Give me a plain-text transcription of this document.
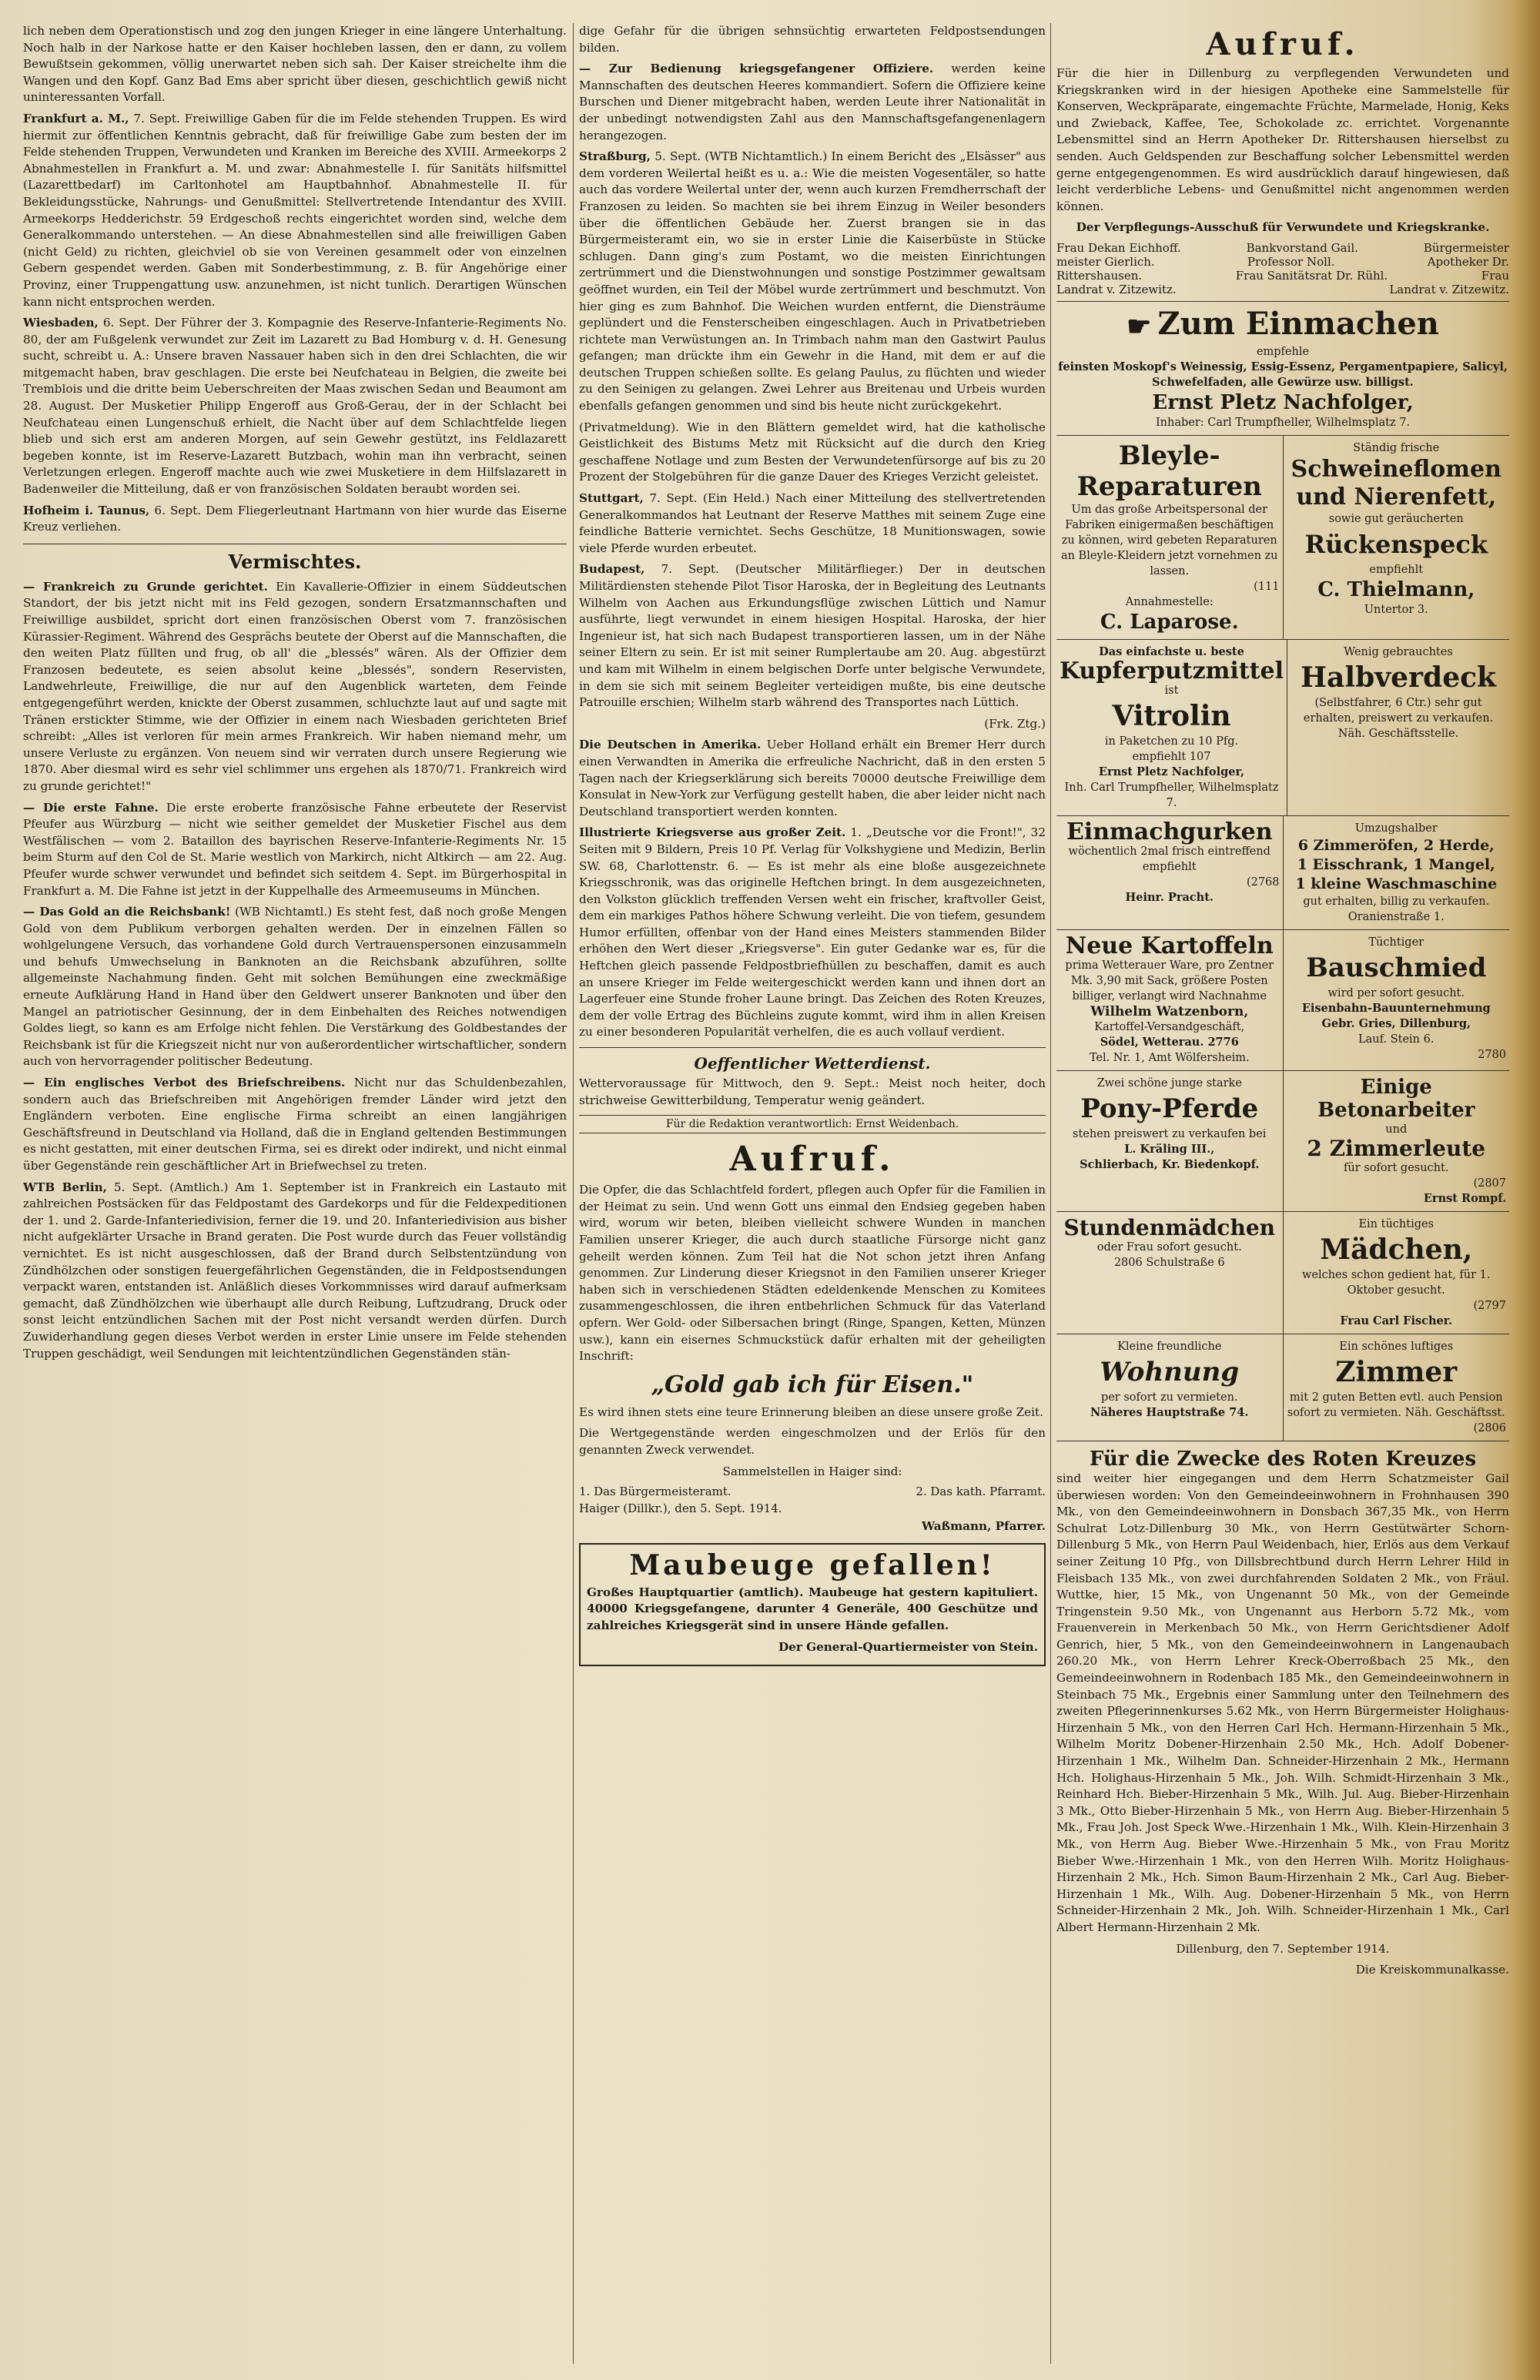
lich neben dem Operationstisch und zog den jungen Krieger in eine längere Unterhaltung. Noch halb in der Narkose hatte er den Kaiser hochleben lassen, den er dann, zu vollem Bewußtsein gekommen, völlig unerwartet neben sich sah. Der Kaiser streichelte ihm die Wangen und den Kopf. Ganz Bad Ems aber spricht über diesen, geschichtlich gewiß nicht uninteressanten Vorfall.

Frankfurt a. M., 7. Sept. Freiwillige Gaben für die im Felde stehenden Truppen. Es wird hiermit zur öffentlichen Kenntnis gebracht, daß für freiwillige Gabe zum besten der im Felde stehenden Truppen, Verwundeten und Kranken im Bereiche des XVIII. Armeekorps 2 Abnahmestellen in Frankfurt a. M. und zwar: Abnahmestelle I. für Sanitäts hilfsmittel (Lazarettbedarf) im Carltonhotel am Hauptbahnhof. Abnahmestelle II. für Bekleidungsstücke, Nahrungs- und Genußmittel: Stellvertretende Intendantur des XVIII. Armeekorps Hedderichstr. 59 Erdgeschoß rechts eingerichtet worden sind, welche dem Generalkommando unterstehen. — An diese Abnahmestellen sind alle freiwilligen Gaben (nicht Geld) zu richten, gleichviel ob sie von Vereinen gesammelt oder von einzelnen Gebern gespendet werden. Gaben mit Sonderbestimmung, z. B. für Angehörige einer Provinz, einer Truppengattung usw. anzunehmen, ist nicht tunlich. Derartigen Wünschen kann nicht entsprochen werden.

Wiesbaden, 6. Sept. Der Führer der 3. Kompagnie des Reserve-Infanterie-Regiments No. 80, der am Fußgelenk verwundet zur Zeit im Lazarett zu Bad Homburg v. d. H. Genesung sucht, schreibt u. A.: Unsere braven Nassauer haben sich in den drei Schlachten, die wir mitgemacht haben, brav geschlagen. Die erste bei Neufchateau in Belgien, die zweite bei Tremblois und die dritte beim Ueberschreiten der Maas zwischen Sedan und Beaumont am 28. August. Der Musketier Philipp Engeroff aus Groß-Gerau, der in der Schlacht bei Neufchateau einen Lungenschuß erhielt, die Nacht über auf dem Schlachtfelde liegen blieb und sich erst am anderen Morgen, auf sein Gewehr gestützt, ins Feldlazarett begeben konnte, ist im Reserve-Lazarett Butzbach, wohin man ihn verbracht, seinen Verletzungen erlegen. Engeroff machte auch wie zwei Musketiere in dem Hilfslazarett in Badenweiler die Mitteilung, daß er von französischen Soldaten beraubt worden sei.

Hofheim i. Taunus, 6. Sept. Dem Fliegerleutnant Hartmann von hier wurde das Eiserne Kreuz verliehen.

Vermischtes.

— Frankreich zu Grunde gerichtet. Ein Kavallerie-Offizier in einem Süddeutschen Standort, der bis jetzt nicht mit ins Feld gezogen, sondern Ersatzmannschaften und Freiwillige ausbildet, spricht dort einen französischen Oberst vom 7. französischen Kürassier-Regiment. Während des Gesprächs beutete der Oberst auf die Mannschaften, die den weiten Platz füllten und frug, ob all' die „blessés" wären. Als der Offizier dem Franzosen bedeutete, es seien absolut keine „blessés", sondern Reservisten, Landwehrleute, Freiwillige, die nur auf den Augenblick warteten, dem Feinde entgegengeführt werden, knickte der Oberst zusammen, schluchzte laut auf und sagte mit Tränen erstickter Stimme, wie der Offizier in einem nach Wiesbaden gerichteten Brief schreibt: „Alles ist verloren für mein armes Frankreich. Wir haben niemand mehr, um unsere Verluste zu ergänzen. Von neuem sind wir verraten durch unsere Regierung wie 1870. Aber diesmal wird es sehr viel schlimmer uns ergehen als 1870/71. Frankreich wird zu grunde gerichtet!"

— Die erste Fahne. Die erste eroberte französische Fahne erbeutete der Reservist Pfeufer aus Würzburg — nicht wie seither gemeldet der Musketier Fischel aus dem Westfälischen — vom 2. Bataillon des bayrischen Reserve-Infanterie-Regiments Nr. 15 beim Sturm auf den Col de St. Marie westlich von Markirch, nicht Altkirch — am 22. Aug. Pfeufer wurde schwer verwundet und befindet sich seitdem 4. Sept. im Bürgerhospital in Frankfurt a. M. Die Fahne ist jetzt in der Kuppelhalle des Armeemuseums in München.

— Das Gold an die Reichsbank! (WB Nichtamtl.) Es steht fest, daß noch große Mengen Gold von dem Publikum verborgen gehalten werden. Der in einzelnen Fällen so wohlgelungene Versuch, das vorhandene Gold durch Vertrauenspersonen einzusammeln und behufs Umwechselung in Banknoten an die Reichsbank abzuführen, sollte allgemeinste Nachahmung finden. Geht mit solchen Bemühungen eine zweckmäßige erneute Aufklärung Hand in Hand über den Geldwert unserer Banknoten und über den Mangel an patriotischer Gesinnung, der in dem Einbehalten des Reiches notwendigen Goldes liegt, so kann es am Erfolge nicht fehlen. Die Verstärkung des Goldbestandes der Reichsbank ist für die Kriegszeit nicht nur von außerordentlicher wirtschaftlicher, sondern auch von hervorragender politischer Bedeutung.

— Ein englisches Verbot des Briefschreibens. Nicht nur das Schuldenbezahlen, sondern auch das Briefschreiben mit Angehörigen fremder Länder wird jetzt den Engländern verboten. Eine englische Firma schreibt an einen langjährigen Geschäftsfreund in Deutschland via Holland, daß die in England geltenden Bestimmungen es nicht gestatten, mit einer deutschen Firma, sei es direkt oder indirekt, und nicht einmal über Gegenstände rein geschäftlicher Art in Briefwechsel zu treten.

WTB Berlin, 5. Sept. (Amtlich.) Am 1. September ist in Frankreich ein Lastauto mit zahlreichen Postsäcken für das Feldpostamt des Gardekorps und für die Feldexpeditionen der 1. und 2. Garde-Infanteriedivision, ferner die 19. und 20. Infanteriedivision aus bisher nicht aufgeklärter Ursache in Brand geraten. Die Post wurde durch das Feuer vollständig vernichtet. Es ist nicht ausgeschlossen, daß der Brand durch Selbstentzündung von Zündhölzchen oder sonstigen feuergefährlichen Gegenständen, die in Feldpostsendungen verpackt waren, entstanden ist. Anläßlich dieses Vorkommnisses wird darauf aufmerksam gemacht, daß Zündhölzchen wie überhaupt alle durch Reibung, Luftzudrang, Druck oder sonst leicht entzündlichen Sachen mit der Post nicht versandt werden dürfen. Durch Zuwiderhandlung gegen dieses Verbot werden in erster Linie unsere im Felde stehenden Truppen geschädigt, weil Sendungen mit leichtentzündlichen Gegenständen stän-

dige Gefahr für die übrigen sehnsüchtig erwarteten Feldpostsendungen bilden.

— Zur Bedienung kriegsgefangener Offiziere. werden keine Mannschaften des deutschen Heeres kommandiert. Sofern die Offiziere keine Burschen und Diener mitgebracht haben, werden Leute ihrer Nationalität in der unbedingt notwendigsten Zahl aus den Mannschaftsgefangenenlagern herangezogen.

Straßburg, 5. Sept. (WTB Nichtamtlich.) In einem Bericht des „Elsässer" aus dem vorderen Weilertal heißt es u. a.: Wie die meisten Vogesentäler, so hatte auch das vordere Weilertal unter der, wenn auch kurzen Fremdherrschaft der Franzosen zu leiden. So machten sie bei ihrem Einzug in Weiler besonders über die öffentlichen Gebäude her. Zuerst brangen sie in das Bürgermeisteramt ein, wo sie in erster Linie die Kaiserbüste in Stücke schlugen. Dann ging's zum Postamt, wo die meisten Einrichtungen zertrümmert und die Dienstwohnungen und sonstige Postzimmer gewaltsam geöffnet wurden, ein Teil der Möbel wurde zertrümmert und beschmutzt. Von hier ging es zum Bahnhof. Die Weichen wurden entfernt, die Diensträume geplündert und die Fensterscheiben eingeschlagen. Auch in Privatbetrieben richtete man Verwüstungen an. In Trimbach nahm man den Gastwirt Paulus gefangen; man drückte ihm ein Gewehr in die Hand, mit dem er auf die deutschen Truppen schießen sollte. Es gelang Paulus, zu flüchten und wieder zu den Seinigen zu gelangen. Zwei Lehrer aus Breitenau und Urbeis wurden ebenfalls gefangen genommen und sind bis heute nicht zurückgekehrt.

(Privatmeldung). Wie in den Blättern gemeldet wird, hat die katholische Geistlichkeit des Bistums Metz mit Rücksicht auf die durch den Krieg geschaffene Notlage und zum Besten der Verwundetenfürsorge auf bis zu 20 Prozent der Stolgebühren für die ganze Dauer des Krieges Verzicht geleistet.

Stuttgart, 7. Sept. (Ein Held.) Nach einer Mitteilung des stellvertretenden Generalkommandos hat Leutnant der Reserve Matthes mit seinem Zuge eine feindliche Batterie vernichtet. Sechs Geschütze, 18 Munitionswagen, sowie viele Pferde wurden erbeutet.

Budapest, 7. Sept. (Deutscher Militärflieger.) Der in deutschen Militärdiensten stehende Pilot Tisor Haroska, der in Begleitung des Leutnants Wilhelm von Aachen aus Erkundungsflüge zwischen Lüttich und Namur ausführte, liegt verwundet in einem hiesigen Hospital. Haroska, der hier Ingenieur ist, hat sich nach Budapest transportieren lassen, um in der Nähe seiner Eltern zu sein. Er ist mit seiner Rumplertaube am 20. Aug. abgestürzt und kam mit Wilhelm in einem belgischen Dorfe unter belgische Verwundete, in dem sie sich mit seinem Begleiter verteidigen mußte, bis eine deutsche Patrouille erschien; Wilhelm starb während des Transportes nach Lüttich.

(Frk. Ztg.)

Die Deutschen in Amerika. Ueber Holland erhält ein Bremer Herr durch einen Verwandten in Amerika die erfreuliche Nachricht, daß in den ersten 5 Tagen nach der Kriegserklärung sich bereits 70000 deutsche Freiwillige dem Konsulat in New-York zur Verfügung gestellt haben, die aber leider nicht nach Deutschland transportiert werden konnten.

Illustrierte Kriegsverse aus großer Zeit. 1. „Deutsche vor die Front!", 32 Seiten mit 9 Bildern, Preis 10 Pf. Verlag für Volkshygiene und Medizin, Berlin SW. 68, Charlottenstr. 6. — Es ist mehr als eine bloße ausgezeichnete Kriegsschronik, was das originelle Heftchen bringt. In dem ausgezeichneten, den Volkston glücklich treffenden Versen weht ein frischer, kraftvoller Geist, dem ein markiges Pathos höhere Schwung verleiht. Die von tiefem, gesundem Humor erfüllten, offenbar von der Hand eines Meisters stammenden Bilder erhöhen den Wert dieser „Kriegsverse". Ein guter Gedanke war es, für die Heftchen gleich passende Feldpostbriefhüllen zu beschaffen, damit es auch an unsere Krieger im Felde weitergeschickt werden kann und ihnen dort an Lagerfeuer eine Stunde froher Laune bringt. Das Zeichen des Roten Kreuzes, dem der volle Ertrag des Büchleins zugute kommt, wird ihm in allen Kreisen zu einer besonderen Popularität verhelfen, die es auch vollauf verdient.

Oeffentlicher Wetterdienst.

Wettervoraussage für Mittwoch, den 9. Sept.: Meist noch heiter, doch strichweise Gewitterbildung, Temperatur wenig geändert.

Für die Redaktion verantwortlich: Ernst Weidenbach.
Aufruf.

Die Opfer, die das Schlachtfeld fordert, pflegen auch Opfer für die Familien in der Heimat zu sein. Und wenn Gott uns einmal den Endsieg gegeben haben wird, worum wir beten, bleiben vielleicht schwere Wunden in manchen Familien unserer Krieger, die auch durch staatliche Fürsorge nicht ganz geheilt werden können. Zum Teil hat die Not schon jetzt ihren Anfang genommen. Zur Linderung dieser Kriegsnot in den Familien unserer Krieger haben sich in verschiedenen Städten edeldenkende Menschen zu Komitees zusammengeschlossen, die ihren entbehrlichen Schmuck für das Vaterland opfern. Wer Gold- oder Silbersachen bringt (Ringe, Spangen, Ketten, Münzen usw.), kann ein eisernes Schmuckstück dafür erhalten mit der geheiligten Inschrift:

„Gold gab ich für Eisen."

Es wird ihnen stets eine teure Erinnerung bleiben an diese unsere große Zeit.

Die Wertgegenstände werden eingeschmolzen und der Erlös für den genannten Zweck verwendet.

Sammelstellen in Haiger sind:

1. Das Bürgermeisteramt.	2. Das kath. Pfarramt.
Haiger (Dillkr.), den 5. Sept. 1914.

Waßmann, Pfarrer.

Maubeuge gefallen!

Großes Hauptquartier (amtlich). Maubeuge hat gestern kapituliert. 40000 Kriegsgefangene, darunter 4 Generäle, 400 Geschütze und zahlreiches Kriegsgerät sind in unsere Hände gefallen.

Der General-Quartiermeister von Stein.

Aufruf.

Für die hier in Dillenburg zu verpflegenden Verwundeten und Kriegskranken wird in der hiesigen Apotheke eine Sammelstelle für Konserven, Weckpräparate, eingemachte Früchte, Marmelade, Honig, Keks und Zwieback, Kaffee, Tee, Schokolade zc. errichtet. Vorgenannte Lebensmittel sind an Herrn Apotheker Dr. Rittershausen hierselbst zu senden. Auch Geldspenden zur Beschaffung solcher Lebensmittel werden gerne entgegengenommen. Es wird ausdrücklich darauf hingewiesen, daß leicht verderbliche Lebens- und Genußmittel nicht angenommen werden können.

Der Verpflegungs-Ausschuß für Verwundete und Kriegskranke.

Frau Dekan Eichhoff.	Bankvorstand Gail.	Bürgermeister
meister Gierlich.	Professor Noll.	Apotheker Dr.
Rittershausen.	Frau Sanitätsrat Dr. Rühl.	Frau
Landrat v. Zitzewitz.	Landrat v. Zitzewitz.
☛ Zum Einmachen
empfehle
feinsten Moskopf's Weinessig, Essig-Essenz, Pergamentpapiere, Salicyl, Schwefelfaden, alle Gewürze usw. billigst.
Ernst Pletz Nachfolger,
Inhaber: Carl Trumpfheller, Wilhelmsplatz 7.
Bleyle-Reparaturen
Um das große Arbeitspersonal der Fabriken einigermaßen beschäftigen zu können, wird gebeten Reparaturen an Bleyle-Kleidern jetzt vornehmen zu lassen.
(111
Annahmestelle:
C. Laparose.
Ständig frische
Schweineflomen und Nierenfett,
sowie gut geräucherten
Rückenspeck
empfiehlt
C. Thielmann,
Untertor 3.
Das einfachste u. beste
Kupferputzmittel
ist
Vitrolin
in Paketchen zu 10 Pfg.
empfiehlt 107
Ernst Pletz Nachfolger,
Inh. Carl Trumpfheller, Wilhelmsplatz 7.
Wenig gebrauchtes
Halbverdeck
(Selbstfahrer, 6 Ctr.) sehr gut erhalten, preiswert zu verkaufen. Näh. Geschäftsstelle.
Einmachgurken
wöchentlich 2mal frisch eintreffend empfiehlt
(2768
Heinr. Pracht.
Umzugshalber
6 Zimmeröfen, 2 Herde,
1 Eisschrank, 1 Mangel,
1 kleine Waschmaschine
gut erhalten, billig zu verkaufen. Oranienstraße 1.
Neue Kartoffeln
prima Wetterauer Ware, pro Zentner Mk. 3,90 mit Sack, größere Posten billiger, verlangt wird Nachnahme
Wilhelm Watzenborn,
Kartoffel-Versandgeschäft,
Södel, Wetterau. 2776
Tel. Nr. 1, Amt Wölfersheim.
Tüchtiger
Bauschmied
wird per sofort gesucht.
Eisenbahn-Bauunternehmung
Gebr. Gries, Dillenburg,
Lauf. Stein 6.
2780
Zwei schöne junge starke
Pony-Pferde
stehen preiswert zu verkaufen bei
L. Kräling III.,
Schlierbach, Kr. Biedenkopf.
Einige Betonarbeiter
und
2 Zimmerleute
für sofort gesucht.
(2807
Ernst Rompf.
Stundenmädchen
oder Frau sofort gesucht.
2806 Schulstraße 6
Ein tüchtiges
Mädchen,
welches schon gedient hat, für 1. Oktober gesucht.
(2797
Frau Carl Fischer.
Kleine freundliche
Wohnung
per sofort zu vermieten.
Näheres Hauptstraße 74.
Ein schönes luftiges
Zimmer
mit 2 guten Betten evtl. auch Pension sofort zu vermieten. Näh. Geschäftsst.
(2806
Für die Zwecke des Roten Kreuzes

sind weiter hier eingegangen und dem Herrn Schatzmeister Gail überwiesen worden: Von den Gemeindeeinwohnern in Frohnhausen 390 Mk., von den Gemeindeeinwohnern in Donsbach 367,35 Mk., von Herrn Schulrat Lotz-Dillenburg 30 Mk., von Herrn Gestütwärter Schorn-Dillenburg 5 Mk., von Herrn Paul Weidenbach, hier, Erlös aus dem Verkauf seiner Zeitung 10 Pfg., von Dillsbrechtbund durch Herrn Lehrer Hild in Fleisbach 135 Mk., von zwei durchfahrenden Soldaten 2 Mk., von Fräul. Wuttke, hier, 15 Mk., von Ungenannt 50 Mk., von der Gemeinde Tringenstein 9.50 Mk., von Ungenannt aus Herborn 5.72 Mk., vom Frauenverein in Merkenbach 50 Mk., von Herrn Gerichtsdiener Adolf Genrich, hier, 5 Mk., von den Gemeindeeinwohnern in Langenaubach 260.20 Mk., von Herrn Lehrer Kreck-Oberroßbach 25 Mk., den Gemeindeeinwohnern in Rodenbach 185 Mk., den Gemeindeeinwohnern in Steinbach 75 Mk., Ergebnis einer Sammlung unter den Teilnehmern des zweiten Pflegerinnenkurses 5.62 Mk., von Herrn Bürgermeister Holighaus-Hirzenhain 5 Mk., von den Herren Carl Hch. Hermann-Hirzenhain 5 Mk., Wilhelm Moritz Dobener-Hirzenhain 2.50 Mk., Hch. Adolf Dobener-Hirzenhain 1 Mk., Wilhelm Dan. Schneider-Hirzenhain 2 Mk., Hermann Hch. Holighaus-Hirzenhain 5 Mk., Joh. Wilh. Schmidt-Hirzenhain 3 Mk., Reinhard Hch. Bieber-Hirzenhain 5 Mk., Wilh. Jul. Aug. Bieber-Hirzenhain 3 Mk., Otto Bieber-Hirzenhain 5 Mk., von Herrn Aug. Bieber-Hirzenhain 5 Mk., Frau Joh. Jost Speck Wwe.-Hirzenhain 1 Mk., Wilh. Klein-Hirzenhain 3 Mk., von Herrn Aug. Bieber Wwe.-Hirzenhain 5 Mk., von Frau Moritz Bieber Wwe.-Hirzenhain 1 Mk., von den Herren Wilh. Moritz Holighaus-Hirzenhain 2 Mk., Hch. Simon Baum-Hirzenhain 2 Mk., Carl Aug. Bieber-Hirzenhain 1 Mk., Wilh. Aug. Dobener-Hirzenhain 5 Mk., von Herrn Schneider-Hirzenhain 2 Mk., Joh. Wilh. Schneider-Hirzenhain 1 Mk., Carl Albert Hermann-Hirzenhain 2 Mk.

Dillenburg, den 7. September 1914.

Die Kreiskommunalkasse.
